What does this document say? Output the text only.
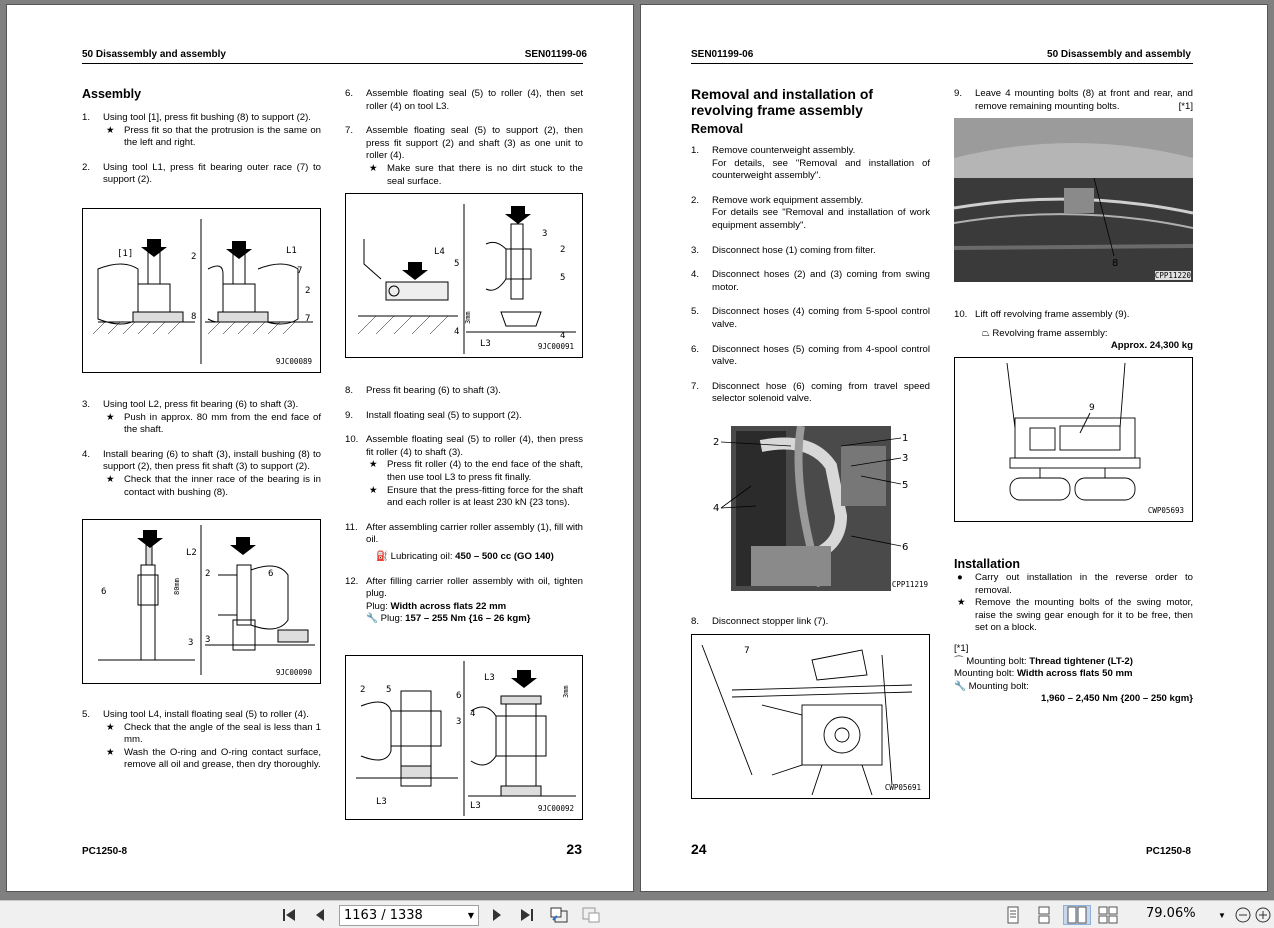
50 Disassembly and assembly	SEN01199-06
Assembly
1. Using tool [1], press fit bushing (8) to support (2).
★ Press fit so that the protrusion is the same on the left and right.
2. Using tool L1, press fit bearing outer race (7) to support (2).
[1]	2
8
L1
7
2
7
9JC00089
3. Using tool L2, press fit bearing (6) to shaft (3).
★ Push in approx. 80 mm from the end face of the shaft.
4. Install bearing (6) to shaft (3), install bushing (8) to support (2), then press fit shaft (3) to support (2).
★ Check that the inner race of the bearing is in contact with bushing (8).
L2
80mm
6
3
2	6
3
9JC00090
5. Using tool L4, install floating seal (5) to roller (4).
★ Check that the angle of the seal is less than 1 mm.
★ Wash the O-ring and O-ring contact surface, remove all oil and grease, then dry thoroughly.
6. Assemble floating seal (5) to roller (4), then set roller (4) on tool L3.
7. Assemble floating seal (5) to support (2), then press fit support (2) and shaft (3) as one unit to roller (4).
★ Make sure that there is no dirt stuck to the seal surface.
L4
5
4
3mm
3
2
5
4
L3	9JC00091
8. Press fit bearing (6) to shaft (3).
9. Install floating seal (5) to support (2).
10. Assemble floating seal (5) to roller (4), then press fit roller (4) to shaft (3).
★ Press fit roller (4) to the end face of the shaft, then use tool L3 to press fit finally.
★ Ensure that the press-fitting force for the shaft and each roller is at least 230 kN {23 tons).
11. After assembling carrier roller assembly (1), fill with oil.
⛽ Lubricating oil: 450 – 500 cc (GO 140)
12. After filling carrier roller assembly with oil, tighten plug.
Plug: Width across flats 22 mm
🔧 Plug: 157 – 255 Nm {16 – 26 kgm}
2 5
6
3
L3
L3
4
3mm
L3	9JC00092
PC1250-8	23
SEN01199-06	50 Disassembly and assembly
Removal and installation of revolving frame assembly
Removal
1. Remove counterweight assembly.
For details, see "Removal and installation of counterweight assembly".
2. Remove work equipment assembly.
For details see "Removal and installation of work equipment assembly".
3. Disconnect hose (1) coming from filter.
4. Disconnect hoses (2) and (3) coming from swing motor.
5. Disconnect hoses (4) coming from 5-spool control valve.
6. Disconnect hoses (5) coming from 4-spool control valve.
7. Disconnect hose (6) coming from travel speed selector solenoid valve.
2	1
3
5
4
6
CPP11219
8. Disconnect stopper link (7).
7
CWP05691
9. Leave 4 mounting bolts (8) at front and rear, and remove remaining mounting bolts.	[*1]
8
CPP11220
10. Lift off revolving frame assembly (9).
⏢ Revolving frame assembly:
Approx. 24,300 kg
9
CWP05693
Installation
● Carry out installation in the reverse order to removal.
★ Remove the mounting bolts of the swing motor, raise the swing gear enough for it to be free, then set on a block.
[*1]
⌒ Mounting bolt: Thread tightener (LT-2)
Mounting bolt: Width across flats 50 mm
🔧 Mounting bolt:
1,960 – 2,450 Nm {200 – 250 kgm}
24	PC1250-8
1163 / 1338	▼	79.06%	▼
